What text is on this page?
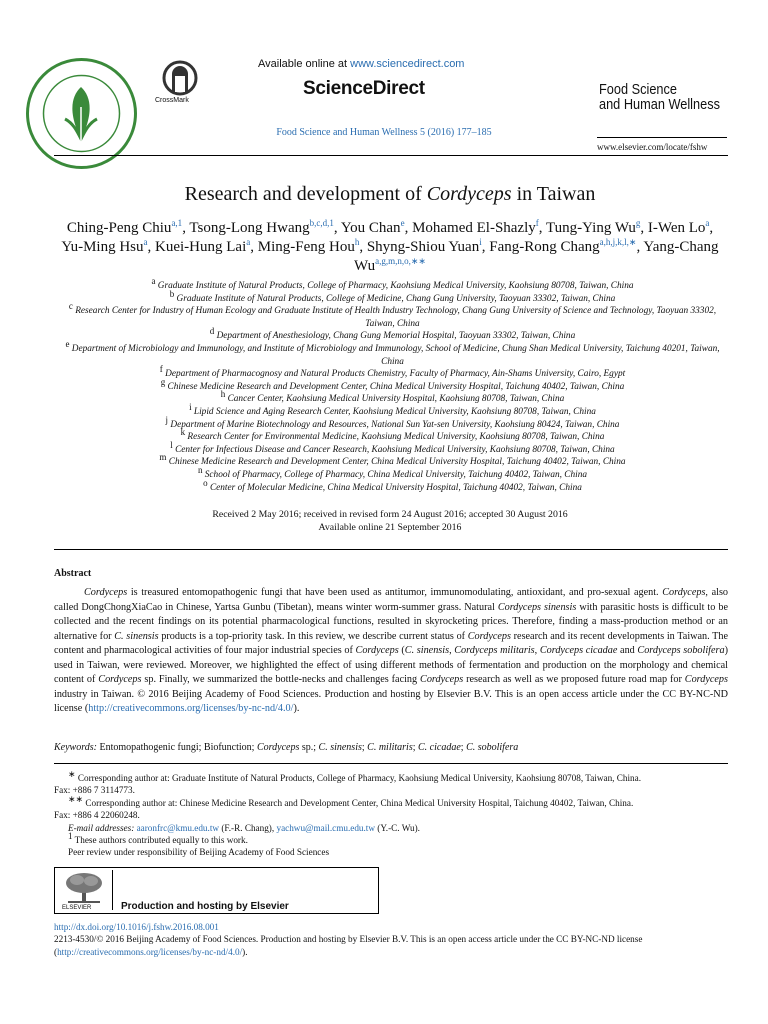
CrossMark
Available online at www.sciencedirect.com
ScienceDirect
Food Science and Human Wellness 5 (2016) 177–185
Food Science
and Human Wellness
www.elsevier.com/locate/fshw
Research and development of Cordyceps in Taiwan
Ching-Peng Chiu$^{a,1}$, Tsong-Long Hwang$^{b,c,d,1}$, You Chan$^e$, Mohamed El-Shazly$^f$, Tung-Ying Wu$^g$, I-Wen Lo$^a$, Yu-Ming Hsu$^a$, Kuei-Hung Lai$^a$, Ming-Feng Hou$^h$, Shyng-Shiou Yuan$^i$, Fang-Rong Chang$^{a,h,j,k,l,∗}$, Yang-Chang $Wu^{a,g,m,n,o,∗∗}$
$^a$ Graduate Institute of Natural Products, College of Pharmacy, Kaohsiung Medical University, Kaohsiung 80708, Taiwan, China
$^b$ Graduate Institute of Natural Products, College of Medicine, Chang Gung University, Taoyuan 33302, Taiwan, China
$^c$ Research Center for Industry of Human Ecology and Graduate Institute of Health Industry Technology, Chang Gung University of Science and Technology, Taoyuan 33302, Taiwan, China
$^d$ Department of Anesthesiology, Chang Gung Memorial Hospital, Taoyuan 33302, Taiwan, China
$^e$ Department of Microbiology and Immunology, and Institute of Microbiology and Immunology, School of Medicine, Chung Shan Medical University, Taichung 40201, Taiwan, China
$^f$ Department of Pharmacognosy and Natural Products Chemistry, Faculty of Pharmacy, Ain-Shams University, Cairo, Egypt
$^g$ Chinese Medicine Research and Development Center, China Medical University Hospital, Taichung 40402, Taiwan, China
$^h$ Cancer Center, Kaohsiung Medical University Hospital, Kaohsiung 80708, Taiwan, China
$^i$ Lipid Science and Aging Research Center, Kaohsiung Medical University, Kaohsiung 80708, Taiwan, China
$^j$ Department of Marine Biotechnology and Resources, National Sun Yat-sen University, Kaohsiung 80424, Taiwan, China
$^k$ Research Center for Environmental Medicine, Kaohsiung Medical University, Kaohsiung 80708, Taiwan, China
$^l$ Center for Infectious Disease and Cancer Research, Kaohsiung Medical University, Kaohsiung 80708, Taiwan, China
$^m$ Chinese Medicine Research and Development Center, China Medical University Hospital, Taichung 40402, Taiwan, China
$^n$ School of Pharmacy, College of Pharmacy, China Medical University, Taichung 40402, Taiwan, China
$^o$ Center of Molecular Medicine, China Medical University Hospital, Taichung 40402, Taiwan, China
Received 2 May 2016; received in revised form 24 August 2016; accepted 30 August 2016
Available online 21 September 2016
Abstract
Cordyceps is treasured entomopathogenic fungi that have been used as antitumor, immunomodulating, antioxidant, and pro-sexual agent. Cordyceps, also called DongChongXiaCao in Chinese, Yartsa Gunbu (Tibetan), means winter worm-summer grass. Natural Cordyceps sinensis with parasitic hosts is difficult to be collected and the recent findings on its potential pharmacological functions, resulted in skyrocketing prices. Therefore, finding a mass-production method or an alternative for C. sinensis products is a top-priority task. In this review, we describe current status of Cordyceps research and its recent developments in Taiwan. The content and pharmacological activities of four major industrial species of Cordyceps (C. sinensis, Cordyceps militaris, Cordyceps cicadae and Cordyceps sobolifera) used in Taiwan, were reviewed. Moreover, we highlighted the effect of using different methods of fermentation and production on the morphology and chemical content of Cordyceps sp. Finally, we summarized the bottle-necks and challenges facing Cordyceps research as well as we proposed future road map for Cordyceps industry in Taiwan. © 2016 Beijing Academy of Food Sciences. Production and hosting by Elsevier B.V. This is an open access article under the CC BY-NC-ND license (http://creativecommons.org/licenses/by-nc-nd/4.0/).
Keywords: Entomopathogenic fungi; Biofunction; Cordyceps sp.; C. sinensis; C. militaris; C. cicadae; C. sobolifera
∗ Corresponding author at: Graduate Institute of Natural Products, College of Pharmacy, Kaohsiung Medical University, Kaohsiung 80708, Taiwan, China.
Fax: +886 7 3114773.
∗∗ Corresponding author at: Chinese Medicine Research and Development Center, China Medical University Hospital, Taichung 40402, Taiwan, China.
Fax: +886 4 22060248.
E-mail addresses: aaronfrc@kmu.edu.tw (F.-R. Chang), yachwu@mail.cmu.edu.tw (Y.-C. Wu).
$^1$ These authors contributed equally to this work.
Peer review under responsibility of Beijing Academy of Food Sciences
ELSEVIER	Production and hosting by Elsevier
http://dx.doi.org/10.1016/j.fshw.2016.08.001
2213-4530/© 2016 Beijing Academy of Food Sciences. Production and hosting by Elsevier B.V. This is an open access article under the CC BY-NC-ND license
(http://creativecommons.org/licenses/by-nc-nd/4.0/).
